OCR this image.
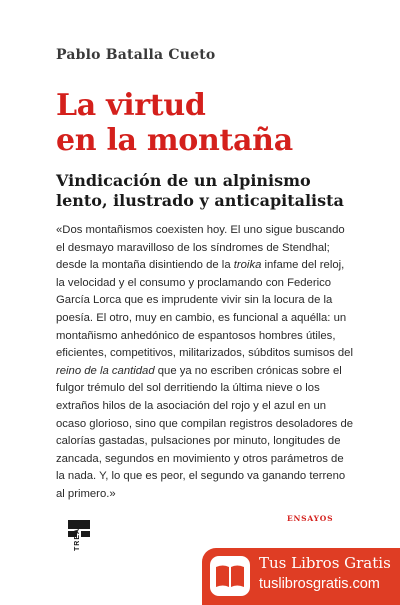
Pablo Batalla Cueto
La virtud
en la montaña
Vindicación de un alpinismo
lento, ilustrado y anticapitalista
«Dos montañismos coexisten hoy. El uno sigue buscando el desmayo maravilloso de los síndromes de Stendhal; desde la montaña disintiendo de la troika infame del reloj, la velocidad y el consumo y proclamando con Federico García Lorca que es imprudente vivir sin la locura de la poesía. El otro, muy en cambio, es funcional a aquélla: un montañismo anhedónico de espantosos hombres útiles, eficientes, competitivos, militarizados, súbditos sumisos del reino de la cantidad que ya no escriben crónicas sobre el fulgor trémulo del sol derritiendo la última nieve o los extraños hilos de la asociación del rojo y el azul en un ocaso glorioso, sino que compilan registros desoladores de calorías gastadas, pulsaciones por minuto, longitudes de zancada, segundos en movimiento y otros parámetros de la nada. Y, lo que es peor, el segundo va ganando terreno al primero.»
TREA
ENSAYOS
Tus Libros Gratis
tuslibrosgratis.com
